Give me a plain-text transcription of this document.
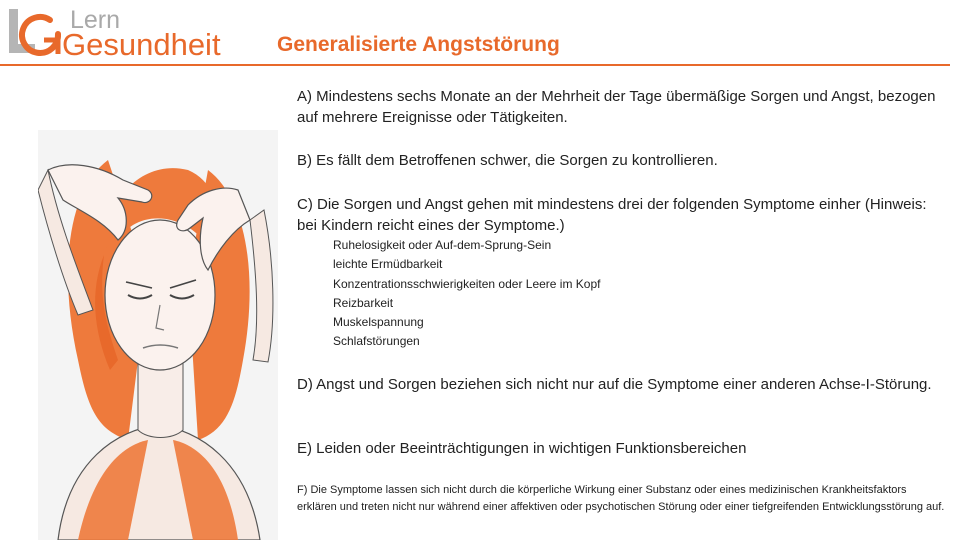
Lern
Gesundheit	Generalisierte Angststörung

A) Mindestens sechs Monate an der Mehrheit der Tage übermäßige Sorgen und Angst, bezogen auf mehrere Ereignisse oder Tätigkeiten.

B) Es fällt dem Betroffenen schwer, die Sorgen zu kontrollieren.

C) Die Sorgen und Angst gehen mit mindestens drei der folgenden Symptome einher (Hinweis: bei Kindern reicht eines der Symptome.)

Ruhelosigkeit oder Auf-dem-Sprung-Sein
leichte Ermüdbarkeit
Konzentrationsschwierigkeiten oder Leere im Kopf
Reizbarkeit
Muskelspannung
Schlafstörungen

D) Angst und Sorgen beziehen sich nicht nur auf die Symptome einer anderen Achse-I-Störung.

E) Leiden oder Beeinträchtigungen in wichtigen Funktionsbereichen

F) Die Symptome lassen sich nicht durch die körperliche Wirkung einer Substanz oder eines medizinischen Krankheitsfaktors erklären und treten nicht nur während einer affektiven oder psychotischen Störung oder einer tiefgreifenden Entwicklungsstörung auf.
